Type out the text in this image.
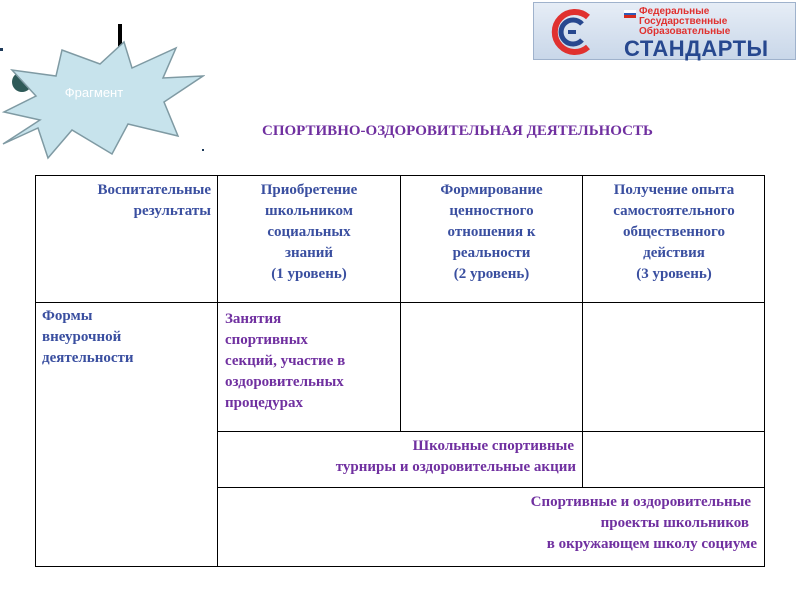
Фрагмент
Федеральные
Государственные
Образовательные
СТАНДАРТЫ
СПОРТИВНО-ОЗДОРОВИТЕЛЬНАЯ ДЕЯТЕЛЬНОСТЬ
Воспитательные результаты
Приобретение
школьником
социальных
знаний
(1 уровень)
Формирование
ценностного
отношения к
реальности
(2 уровень)
Получение опыта
самостоятельного
общественного
действия
(3 уровень)
Формы
внеурочной
деятельности
Занятия
спортивных
секций, участие в
оздоровительных
процедурах
Школьные спортивные
турниры и оздоровительные акции
Спортивные и оздоровительные
проекты школьников
в окружающем школу социуме
